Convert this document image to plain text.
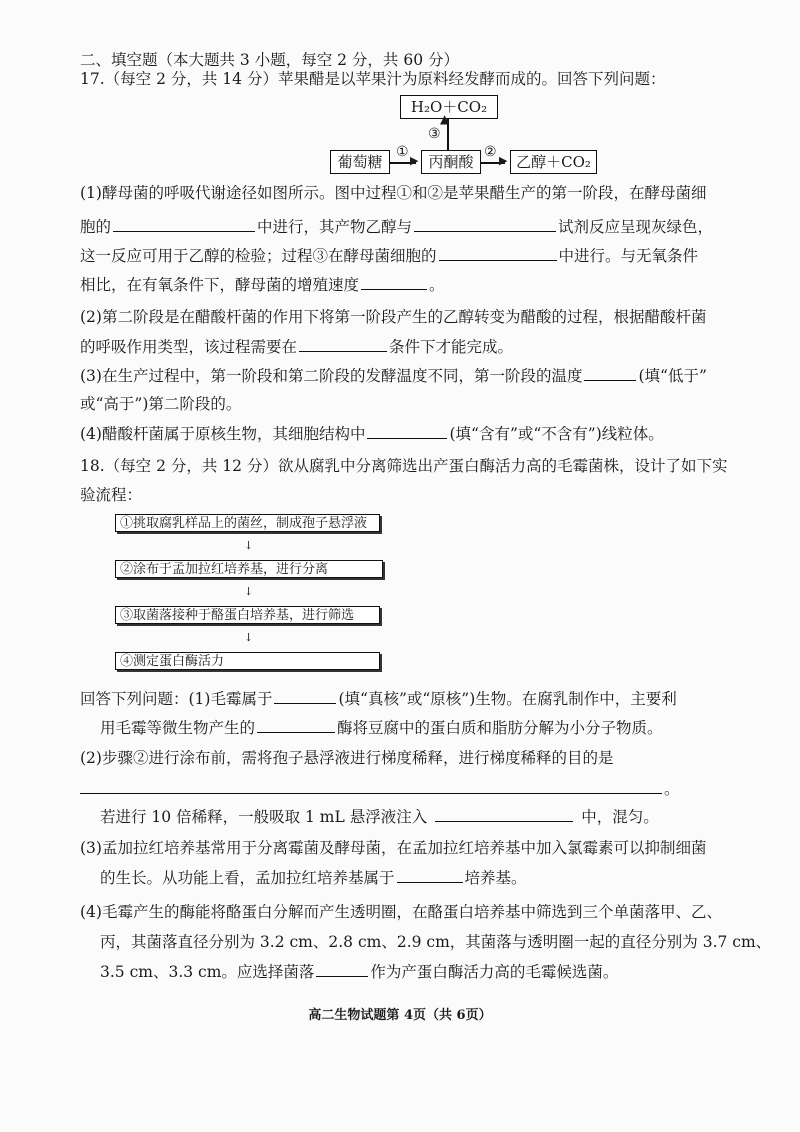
二、填空题（本大题共 3 小题，每空 2 分，共 60 分）
17.（每空 2 分，共 14 分）苹果醋是以苹果汁为原料经发酵而成的。回答下列问题：
H₂O＋CO₂
▲
③
葡萄糖
①
▶ 丙酮酸
②
▶ 乙醇＋CO₂
(1)酵母菌的呼吸代谢途径如图所示。图中过程①和②是苹果醋生产的第一阶段，在酵母菌细
胞的	中进行，其产物乙醇与	试剂反应呈现灰绿色，
这一反应可用于乙醇的检验；过程③在酵母菌细胞的	中进行。与无氧条件
相比，在有氧条件下，酵母菌的增殖速度	。
(2)第二阶段是在醋酸杆菌的作用下将第一阶段产生的乙醇转变为醋酸的过程，根据醋酸杆菌
的呼吸作用类型，该过程需要在	条件下才能完成。
(3)在生产过程中，第一阶段和第二阶段的发酵温度不同，第一阶段的温度	(填“低于”
或“高于”)第二阶段的。
(4)醋酸杆菌属于原核生物，其细胞结构中	(填“含有”或“不含有”)线粒体。
18.（每空 2 分，共 12 分）欲从腐乳中分离筛选出产蛋白酶活力高的毛霉菌株，设计了如下实
验流程：
①挑取腐乳样品上的菌丝，制成孢子悬浮液
↓
②涂布于孟加拉红培养基，进行分离
↓
③取菌落接种于酪蛋白培养基，进行筛选
↓
④测定蛋白酶活力
回答下列问题：(1)毛霉属于	(填“真核”或“原核”)生物。在腐乳制作中，主要利
用毛霉等微生物产生的	酶将豆腐中的蛋白质和脂肪分解为小分子物质。
(2)步骤②进行涂布前，需将孢子悬浮液进行梯度稀释，进行梯度稀释的目的是
。
若进行 10 倍稀释，一般吸取 1 mL 悬浮液注入	中，混匀。
(3)孟加拉红培养基常用于分离霉菌及酵母菌，在孟加拉红培养基中加入氯霉素可以抑制细菌
的生长。从功能上看，孟加拉红培养基属于	培养基。
(4)毛霉产生的酶能将酪蛋白分解而产生透明圈，在酪蛋白培养基中筛选到三个单菌落甲、乙、
丙，其菌落直径分别为 3.2 cm、2.8 cm、2.9 cm，其菌落与透明圈一起的直径分别为 3.7 cm、
3.5 cm、3.3 cm。应选择菌落	作为产蛋白酶活力高的毛霉候选菌。
高二生物试题第 4页（共 6页）
